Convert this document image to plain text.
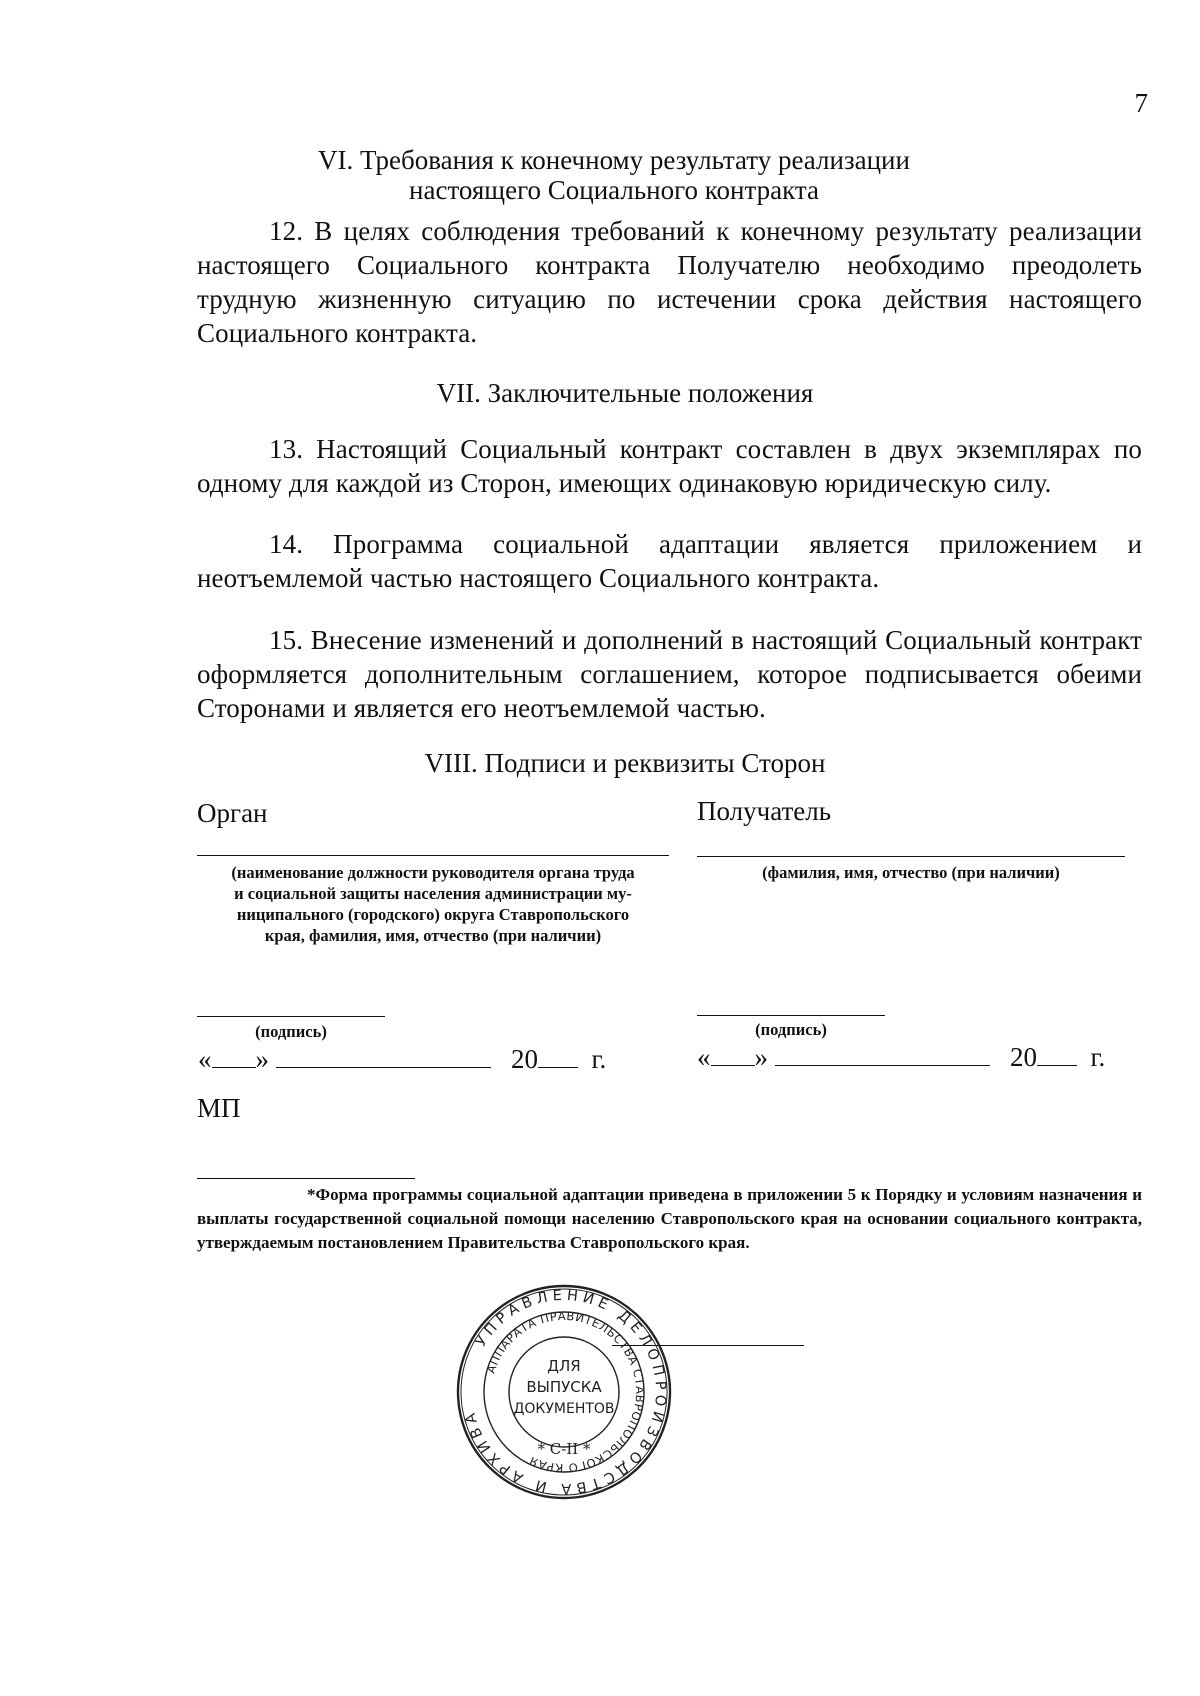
7
VI. Требования к конечному результату реализации
настоящего Социального контракта
12. В целях соблюдения требований к конечному результату реализации настоящего Социального контракта Получателю необходимо преодолеть трудную жизненную ситуацию по истечении срока действия настоящего Социального контракта.
VII. Заключительные положения
13. Настоящий Социальный контракт составлен в двух экземплярах по одному для каждой из Сторон, имеющих одинаковую юридическую силу.
14. Программа социальной адаптации является приложением и неотъемлемой частью настоящего Социального контракта.
15. Внесение изменений и дополнений в настоящий Социальный контракт оформляется дополнительным соглашением, которое подписывается обеими Сторонами и является его неотъемлемой частью.
VIII. Подписи и реквизиты Сторон
Орган
(наименование должности руководителя органа труда
и социальной защиты населения администрации му-
ниципального (городского) округа Ставропольского
края, фамилия, имя, отчество (при наличии)
(подпись)
« »	20 г.
МП
Получатель
(фамилия, имя, отчество (при наличии)
(подпись)
« »	20 г.
*Форма программы социальной адаптации приведена в приложении 5 к Порядку и условиям назначения и выплаты государственной социальной помощи населению Ставропольского края на основании социального контракта, утверждаемым постановлением Правительства Ставропольского края.
УПРАВЛЕНИЕ ДЕЛОПРОИЗВОДСТВА И АРХИВА
АППАРАТА ПРАВИТЕЛЬСТВА СТАВРОПОЛЬСКОГО КРАЯ
ДЛЯ
ВЫПУСКА
ДОКУМЕНТОВ
* С-II *
